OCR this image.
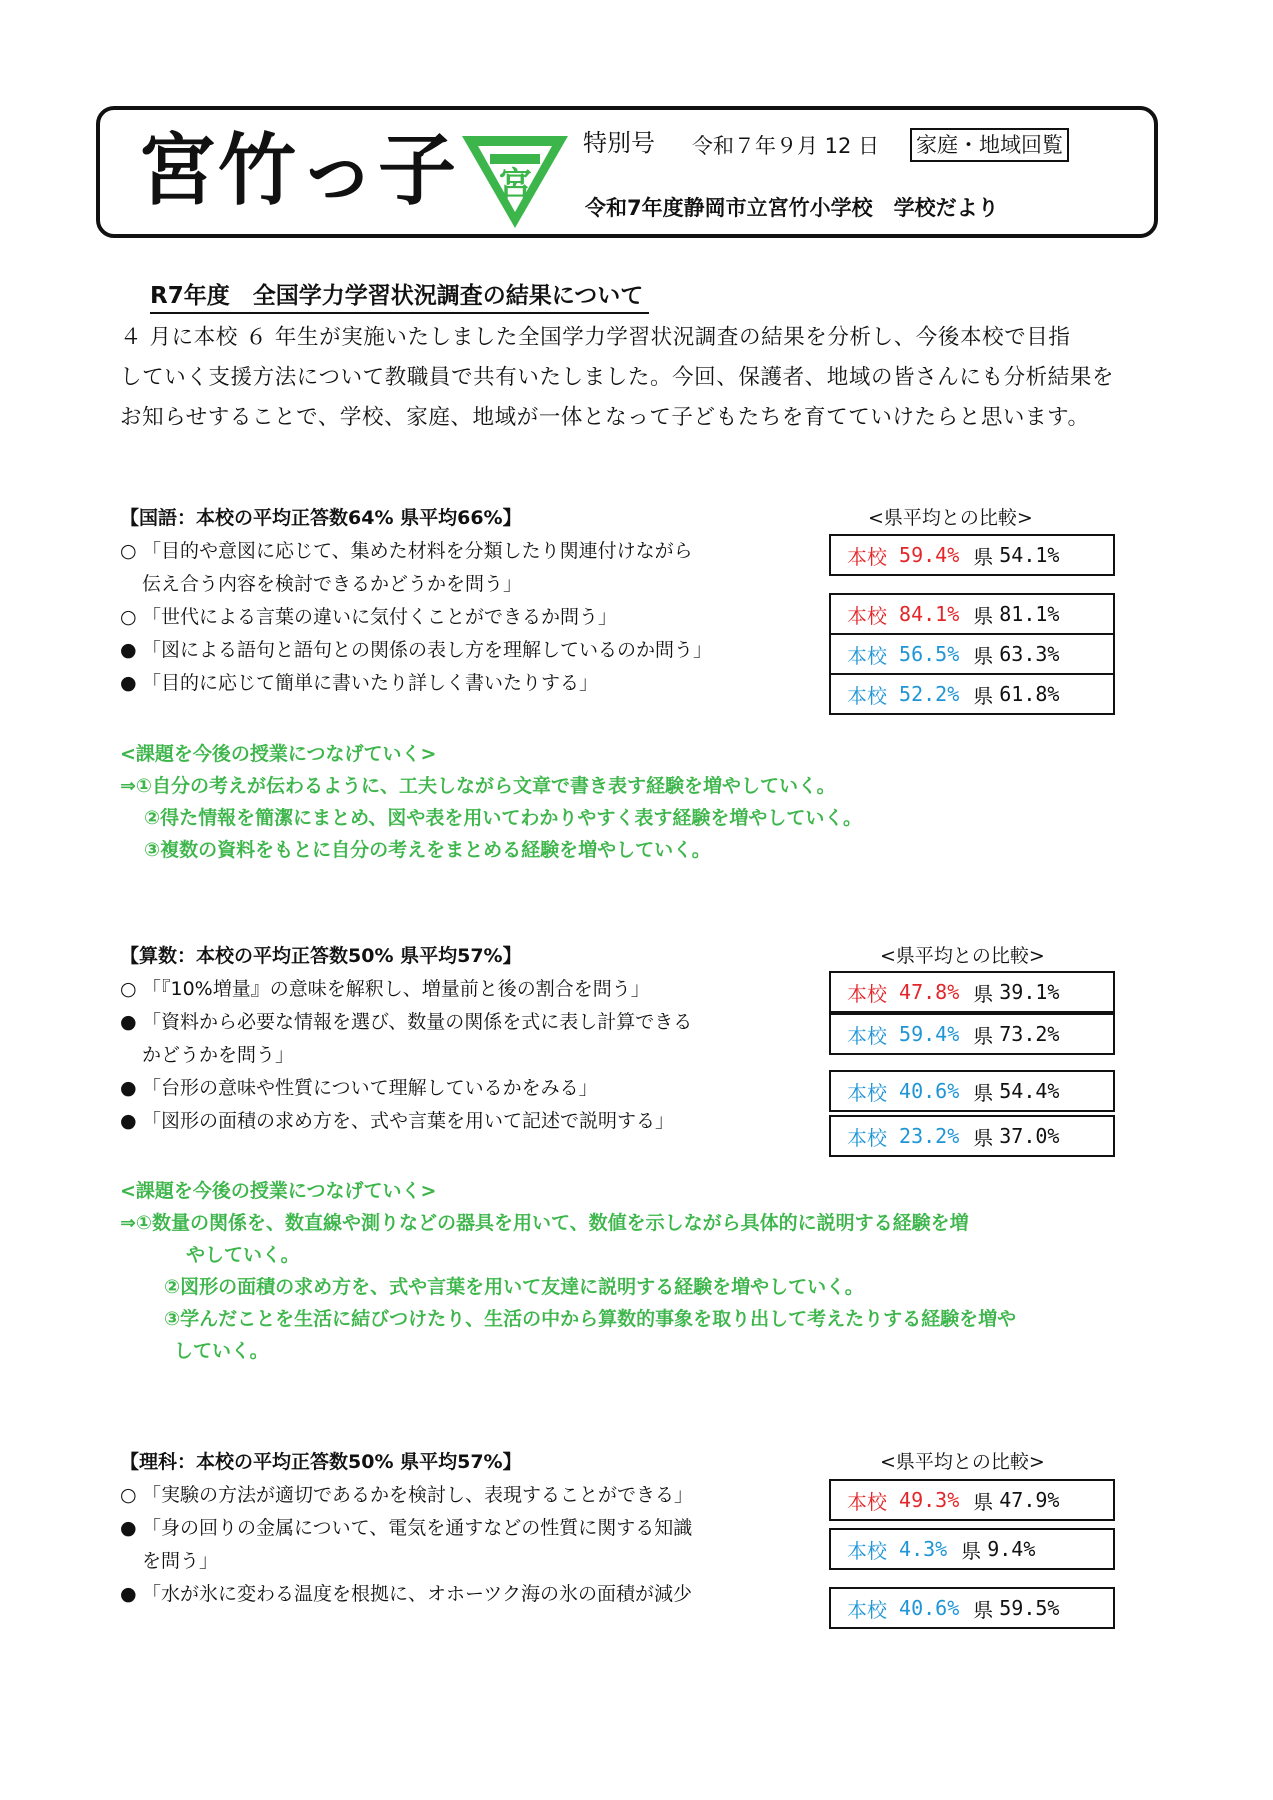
宮竹っ子 宮
特別号 令和７年９月 12 日 家庭・地域回覧
令和7年度静岡市立宮竹小学校　学校だより
R7年度　全国学力学習状況調査の結果について

４ 月に本校 ６ 年生が実施いたしました全国学力学習状況調査の結果を分析し、今後本校で目指

していく支援方法について教職員で共有いたしました。今回、保護者、地域の皆さんにも分析結果を

お知らせすることで、学校、家庭、地域が一体となって子どもたちを育てていけたらと思います。

【国語：本校の平均正答数64% 県平均66%】
○ 「目的や意図に応じて、集めた材料を分類したり関連付けながら
伝え合う内容を検討できるかどうかを問う」
○ 「世代による言葉の違いに気付くことができるか問う」
● 「図による語句と語句との関係の表し方を理解しているのか問う」
● 「目的に応じて簡単に書いたり詳しく書いたりする」
<県平均との比較>
本校
59.4% 県 54.1%
本校
84.1% 県 81.1%
本校
56.5% 県 63.3%
本校
52.2% 県 61.8%
<課題を今後の授業につなげていく>
⇒①自分の考えが伝わるように、工夫しながら文章で書き表す経験を増やしていく。
②得た情報を簡潔にまとめ、図や表を用いてわかりやすく表す経験を増やしていく。
③複数の資料をもとに自分の考えをまとめる経験を増やしていく。
【算数：本校の平均正答数50% 県平均57%】
○ 「『10%増量』の意味を解釈し、増量前と後の割合を問う」
● 「資料から必要な情報を選び、数量の関係を式に表し計算できる
かどうかを問う」
● 「台形の意味や性質について理解しているかをみる」
● 「図形の面積の求め方を、式や言葉を用いて記述で説明する」
<県平均との比較>
本校
47.8% 県 39.1%
本校
59.4% 県 73.2%
本校
40.6% 県 54.4%
本校
23.2% 県 37.0%
<課題を今後の授業につなげていく>
⇒①数量の関係を、数直線や測りなどの器具を用いて、数値を示しながら具体的に説明する経験を増
やしていく。
②図形の面積の求め方を、式や言葉を用いて友達に説明する経験を増やしていく。
③学んだことを生活に結びつけたり、生活の中から算数的事象を取り出して考えたりする経験を増や
していく。
【理科：本校の平均正答数50% 県平均57%】
○ 「実験の方法が適切であるかを検討し、表現することができる」
● 「身の回りの金属について、電気を通すなどの性質に関する知識
を問う」
● 「水が氷に変わる温度を根拠に、オホーツク海の氷の面積が減少
<県平均との比較>
本校
49.3% 県 47.9%
本校
4.3% 県 9.4%
本校
40.6% 県 59.5%
